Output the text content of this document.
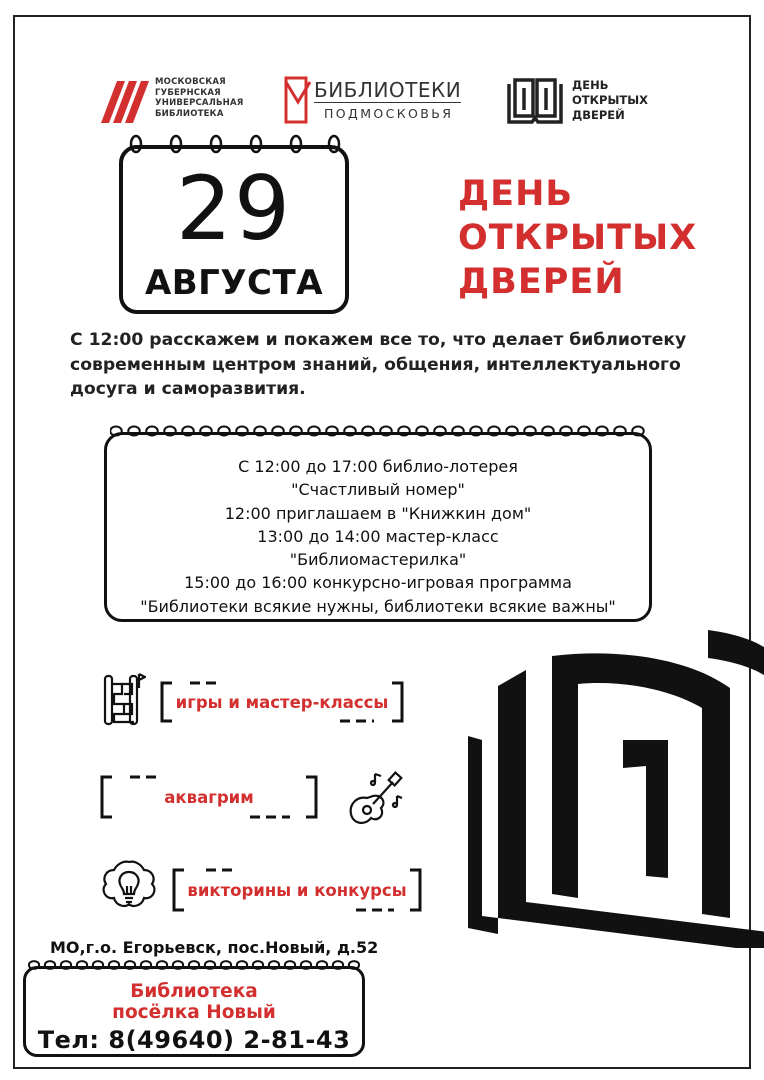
МОСКОВСКАЯ
ГУБЕРНСКАЯ
УНИВЕРСАЛЬНАЯ
БИБЛИОТЕКА
БИБЛИОТЕКИ
ПОДМОСКОВЬЯ
ДЕНЬ
ОТКРЫТЫХ
ДВЕРЕЙ
29
АВГУСТА
ДЕНЬ
ОТКРЫТЫХ
ДВЕРЕЙ

С 12:00 расскажем и покажем все то, что делает библиотеку современным центром знаний, общения, интеллектуального досуга и саморазвития.

С 12:00 до 17:00 библио-лотерея
"Счастливый номер"
12:00 приглашаем в "Книжкин дом"
13:00 до 14:00 мастер-класс
"Библиомастерилка"
15:00 до 16:00 конкурсно-игровая программа
"Библиотеки всякие нужны, библиотеки всякие важны"
игры и мастер-классы
аквагрим
викторины и конкурсы
МО,г.о. Егорьевск, пос.Новый, д.52
Библиотека
посёлка Новый
Тел: 8(49640) 2-81-43
